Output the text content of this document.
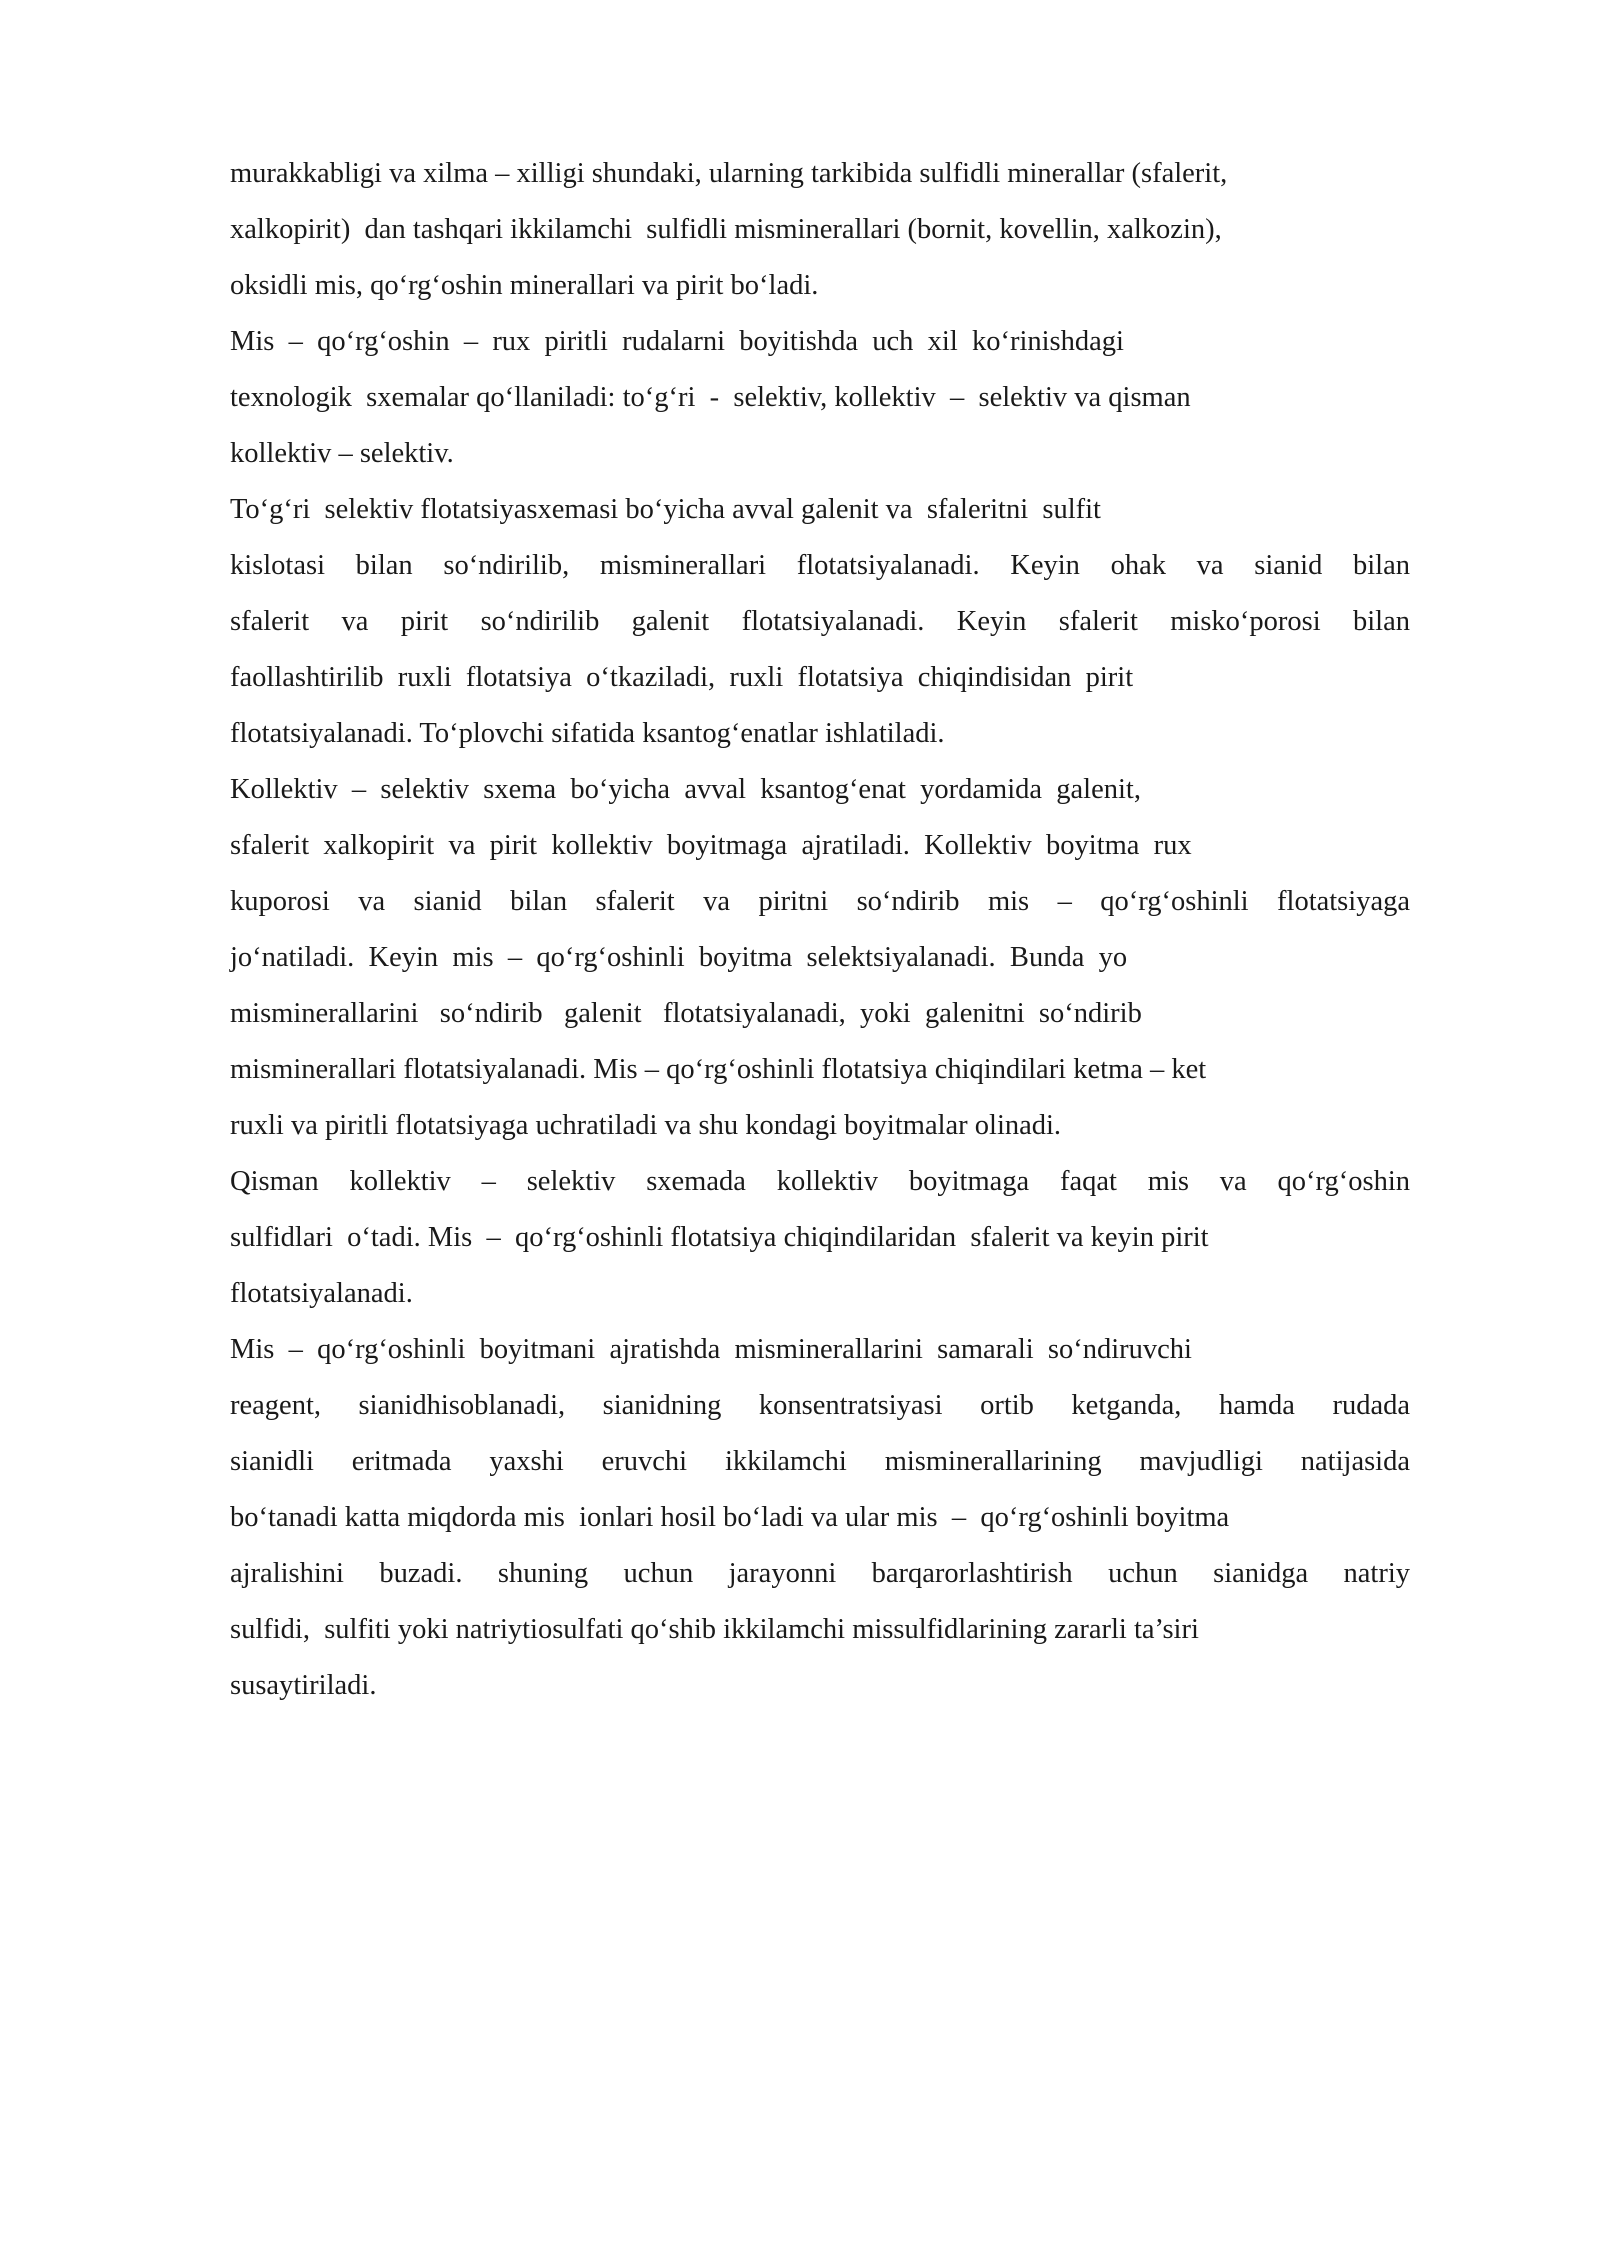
murakkabligi va xilma – xilligi shundaki, ularning tarkibida sulfidli minerallar (sfalerit,
xalkopirit)  dan tashqari ikkilamchi  sulfidli misminerallari (bornit, kovellin, xalkozin),
oksidli mis, qo‘rg‘oshin minerallari va pirit bo‘ladi.
Mis  –  qo‘rg‘oshin  –  rux  piritli  rudalarni  boyitishda  uch  xil  ko‘rinishdagi
texnologik  sxemalar qo‘llaniladi: to‘g‘ri  -  selektiv, kollektiv  –  selektiv va qisman
kollektiv – selektiv.
To‘g‘ri  selektiv flotatsiyasxemasi bo‘yicha avval galenit va  sfaleritni  sulfit
kislotasi bilan so‘ndirilib, misminerallari flotatsiyalanadi. Keyin ohak va sianid bilan
sfalerit va pirit so‘ndirilib galenit flotatsiyalanadi. Keyin sfalerit misko‘porosi bilan
faollashtirilib  ruxli  flotatsiya  o‘tkaziladi,  ruxli  flotatsiya  chiqindisidan  pirit
flotatsiyalanadi. To‘plovchi sifatida ksantog‘enatlar ishlatiladi.
Kollektiv  –  selektiv  sxema  bo‘yicha  avval  ksantog‘enat  yordamida  galenit,
sfalerit  xalkopirit  va  pirit  kollektiv  boyitmaga  ajratiladi.  Kollektiv  boyitma  rux
kuporosi va sianid bilan sfalerit va piritni so‘ndirib mis – qo‘rg‘oshinli flotatsiyaga
jo‘natiladi.  Keyin  mis  –  qo‘rg‘oshinli  boyitma  selektsiyalanadi.  Bunda  yo
misminerallarini   so‘ndirib   galenit   flotatsiyalanadi,  yoki  galenitni  so‘ndirib
misminerallari flotatsiyalanadi. Mis – qo‘rg‘oshinli flotatsiya chiqindilari ketma – ket
ruxli va piritli flotatsiyaga uchratiladi va shu kondagi boyitmalar olinadi.
Qisman kollektiv – selektiv sxemada kollektiv boyitmaga faqat mis va qo‘rg‘oshin
sulfidlari  o‘tadi. Mis  –  qo‘rg‘oshinli flotatsiya chiqindilaridan  sfalerit va keyin pirit
flotatsiyalanadi.
Mis  –  qo‘rg‘oshinli  boyitmani  ajratishda  misminerallarini  samarali  so‘ndiruvchi
reagent, sianidhisoblanadi, sianidning konsentratsiyasi ortib ketganda, hamda rudada
sianidli eritmada yaxshi eruvchi ikkilamchi misminerallarining mavjudligi natijasida
bo‘tanadi katta miqdorda mis  ionlari hosil bo‘ladi va ular mis  –  qo‘rg‘oshinli boyitma
ajralishini buzadi. shuning uchun jarayonni barqarorlashtirish uchun sianidga natriy
sulfidi,  sulfiti yoki natriytiosulfati qo‘shib ikkilamchi missulfidlarining zararli ta’siri
susaytiriladi.
